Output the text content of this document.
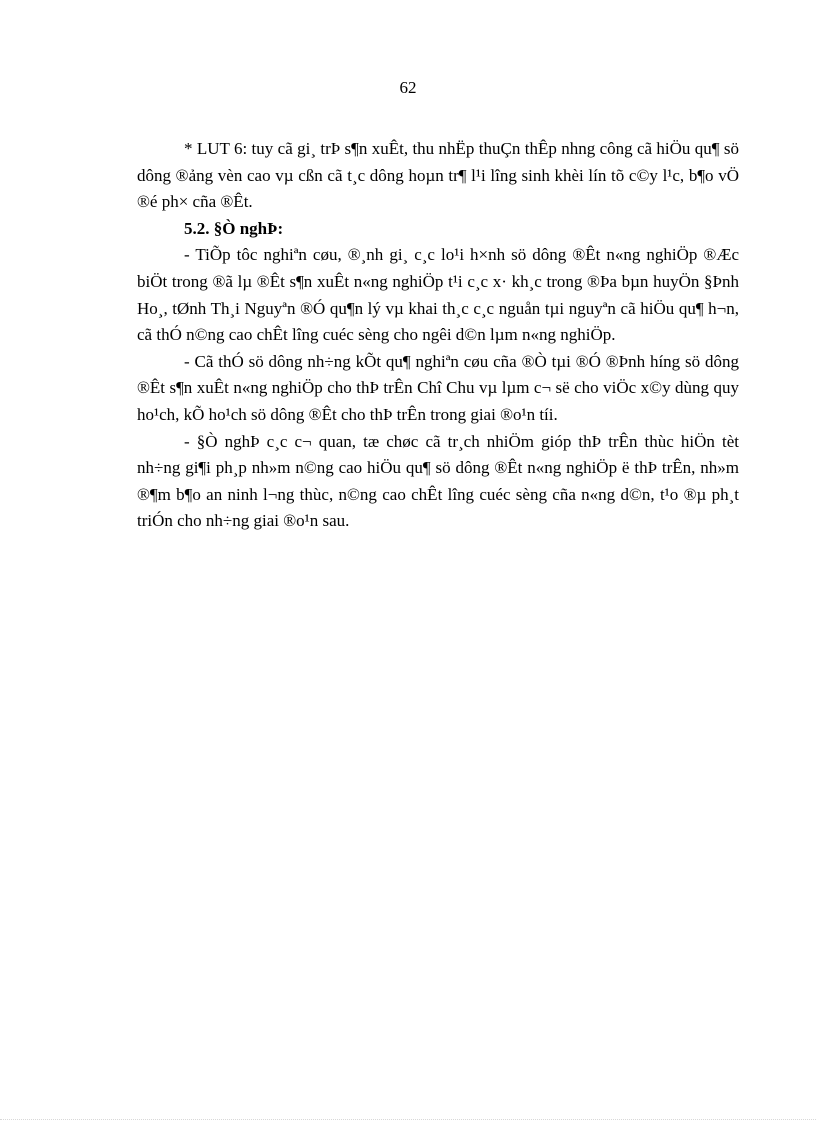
62

* LUT 6: tuy cã gi¸ trÞ s¶n xuÊt, thu nhËp thuÇn thÊp nhng công cã hiÖu qu¶ sö dông ®ảng vèn cao vµ cßn cã t¸c dông hoµn tr¶ l¹i lîng sinh khèi lín tõ c©y l¹c, b¶o vÖ ®é ph× cña ®Êt.

5.2. §Ò nghÞ:

- TiÕp tôc nghiªn cøu, ®¸nh gi¸ c¸c lo¹i h×nh sö dông ®Êt n«ng nghiÖp ®Æc biÖt trong ®ã lµ ®Êt s¶n xuÊt n«ng nghiÖp t¹i c¸c x· kh¸c trong ®Þa bµn huyÖn §Þnh Ho¸, tØnh Th¸i Nguyªn ®Ó qu¶n lý vµ khai th¸c c¸c nguån tµi nguyªn cã hiÖu qu¶ h¬n, cã thÓ n©ng cao chÊt lîng cuéc sèng cho ngêi d©n lµm n«ng nghiÖp.

- Cã thÓ sö dông nh÷ng kÕt qu¶ nghiªn cøu cña ®Ò tµi ®Ó ®Þnh híng sö dông ®Êt s¶n xuÊt n«ng nghiÖp cho thÞ trÊn Chî Chu vµ lµm c¬ së cho viÖc x©y dùng quy ho¹ch, kÕ ho¹ch sö dông ®Êt cho thÞ trÊn trong giai ®o¹n tíi.

- §Ò nghÞ c¸c c¬ quan, tæ chøc cã tr¸ch nhiÖm gióp thÞ trÊn thùc hiÖn tèt nh÷ng gi¶i ph¸p nh»m n©ng cao hiÖu qu¶ sö dông ®Êt n«ng nghiÖp ë thÞ trÊn, nh»m ®¶m b¶o an ninh l¬ng thùc, n©ng cao chÊt lîng cuéc sèng cña n«ng d©n, t¹o ®µ ph¸t triÓn cho nh÷ng giai ®o¹n sau.
